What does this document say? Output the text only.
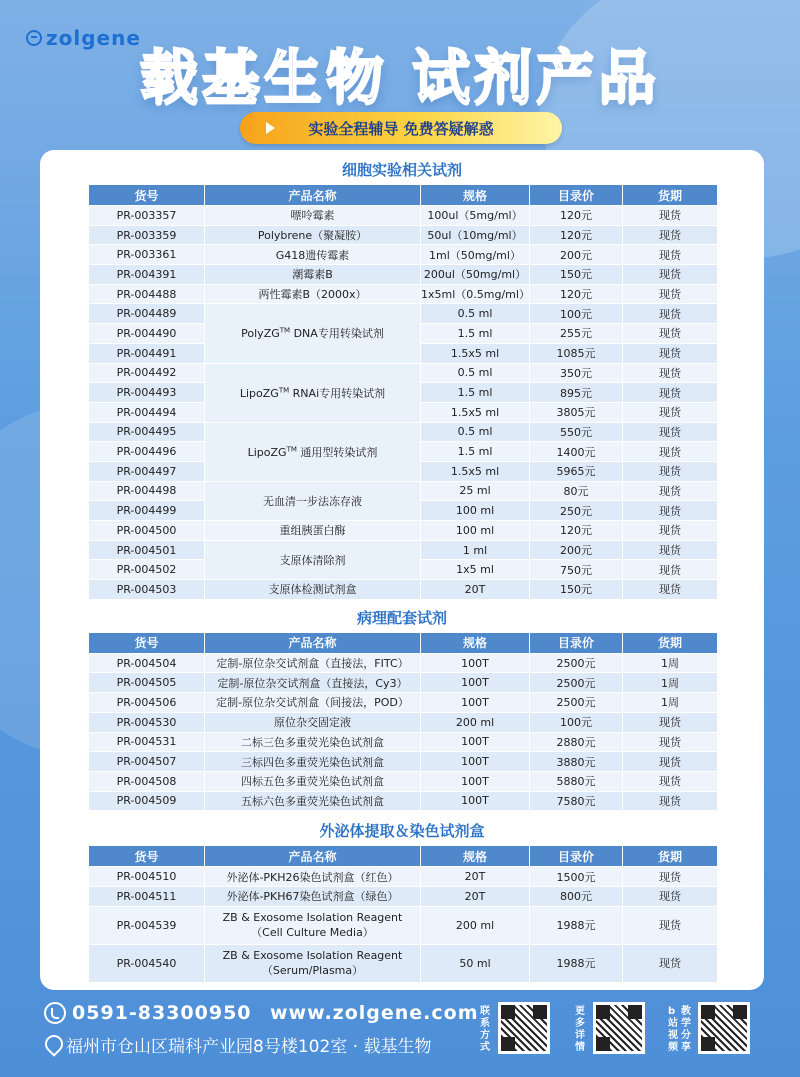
zolgene
载基生物 试剂产品
实验全程辅导 免费答疑解惑
细胞实验相关试剂
货号	产品名称	规格	目录价	货期
PR-003357	嘌呤霉素	100ul（5mg/ml）	120元	现货
PR-003359	Polybrene（聚凝胺）	50ul（10mg/ml）	120元	现货
PR-003361	G418遗传霉素	1ml（50mg/ml）	200元	现货
PR-004391	潮霉素B	200ul（50mg/ml）	150元	现货
PR-004488	两性霉素B（2000x）	1x5ml（0.5mg/ml）	120元	现货
PR-004489	PolyZG™ DNA专用转染试剂	0.5 ml	100元	现货
PR-004490		1.5 ml	255元	现货
PR-004491		1.5x5 ml	1085元	现货
PR-004492	LipoZG™ RNAi专用转染试剂	0.5 ml	350元	现货
PR-004493		1.5 ml	895元	现货
PR-004494		1.5x5 ml	3805元	现货
PR-004495	LipoZG™ 通用型转染试剂	0.5 ml	550元	现货
PR-004496		1.5 ml	1400元	现货
PR-004497		1.5x5 ml	5965元	现货
PR-004498	无血清一步法冻存液	25 ml	80元	现货
PR-004499		100 ml	250元	现货
PR-004500	重组胰蛋白酶	100 ml	120元	现货
PR-004501	支原体清除剂	1 ml	200元	现货
PR-004502		1x5 ml	750元	现货
PR-004503	支原体检测试剂盒	20T	150元	现货
病理配套试剂
货号	产品名称	规格	目录价	货期
PR-004504	定制-原位杂交试剂盒（直接法，FITC）	100T	2500元	1周
PR-004505	定制-原位杂交试剂盒（直接法，Cy3）	100T	2500元	1周
PR-004506	定制-原位杂交试剂盒（间接法，POD）	100T	2500元	1周
PR-004530	原位杂交固定液	200 ml	100元	现货
PR-004531	二标三色多重荧光染色试剂盒	100T	2880元	现货
PR-004507	三标四色多重荧光染色试剂盒	100T	3880元	现货
PR-004508	四标五色多重荧光染色试剂盒	100T	5880元	现货
PR-004509	五标六色多重荧光染色试剂盒	100T	7580元	现货
外泌体提取＆染色试剂盒
货号	产品名称	规格	目录价	货期
PR-004510	外泌体-PKH26染色试剂盒（红色）	20T	1500元	现货
PR-004511	外泌体-PKH67染色试剂盒（绿色）	20T	800元	现货
PR-004539	ZB & Exosome Isolation Reagent
（Cell Culture Media）	200 ml	1988元	现货
PR-004540	ZB & Exosome Isolation Reagent
（Serum/Plasma）	50 ml	1988元	现货
0591-83300950 www.zolgene.com
福州市仓山区瑞科产业园8号楼102室 · 载基生物
联系方式
更多详情
b站视频
教学分享
